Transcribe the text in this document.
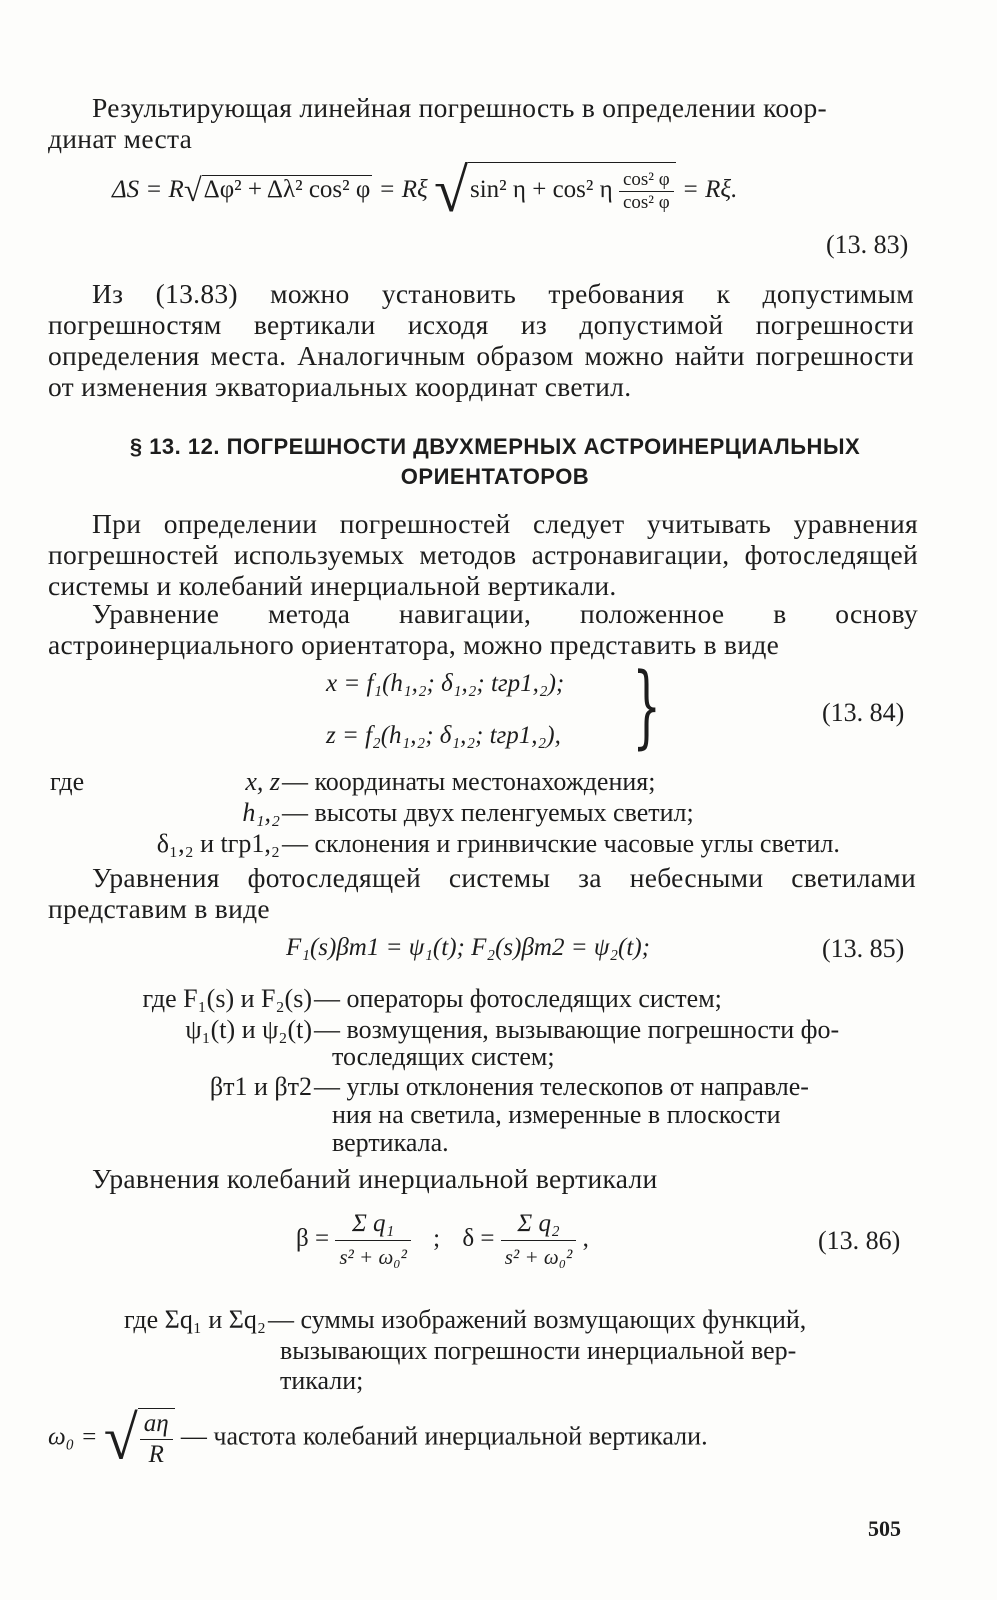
Результирующая линейная погрешность в определении коор-
динат места
ΔS = R√Δφ² + Δλ² cos² φ = Rξ √sin² η + cos² η $\frac{\text{cos² φ}}{\text{cos² φ}} = R\xi$.
(13. 83)
Из (13.83) можно установить требования к допустимым погрешностям вертикали исходя из допустимой погрешности определения места. Аналогичным образом можно найти погрешности от изменения экваториальных координат светил.
§ 13. 12. ПОГРЕШНОСТИ ДВУХМЕРНЫХ АСТРОИНЕРЦИАЛЬНЫХ
ОРИЕНТАТОРОВ
При определении погрешностей следует учитывать уравнения погрешностей используемых методов астронавигации, фотоследящей системы и колебаний инерциальной вертикали.
Уравнение метода навигации, положенное в основу астроинерциального ориентатора, можно представить в виде
x = f₁(h₁,₂; δ₁,₂; tгр1,₂);
z = f₂(h₁,₂; δ₁,₂; tгр1,₂), }	(13. 84)
где	x, z — координаты местонахождения;
h₁,₂ — высоты двух пеленгуемых светил;
δ₁,₂ и tгр1,₂ — склонения и гринвичские часовые углы светил.
Уравнения фотоследящей системы за небесными светилами представим в виде
F₁(s)βт1 = ψ₁(t); F₂(s)βт2 = ψ₂(t);	(13. 85)
где F₁(s) и F₂(s) — операторы фотоследящих систем;
ψ₁(t) и ψ₂(t) — возмущения, вызывающие погрешности фо-
тоследящих систем;
βт1 и βт2 — углы отклонения телескопов от направле-
ния на светила, измеренные в плоскости
вертикала.
Уравнения колебаний инерциальной вертикали
$\beta = \frac{\text{Σ q₁}}{\text{s² + ω₀²}}$ ; $\delta = \frac{\text{Σ q₂}}{\text{s² + ω₀²}}$ ,	(13. 86)
где Σq₁ и Σq₂ — суммы изображений возмущающих функций,
вызывающих погрешности инерциальной вер-
тикали;
ω₀ = √ $\frac{a\eta}{R}$ — частота колебаний инерциальной вертикали.
505
